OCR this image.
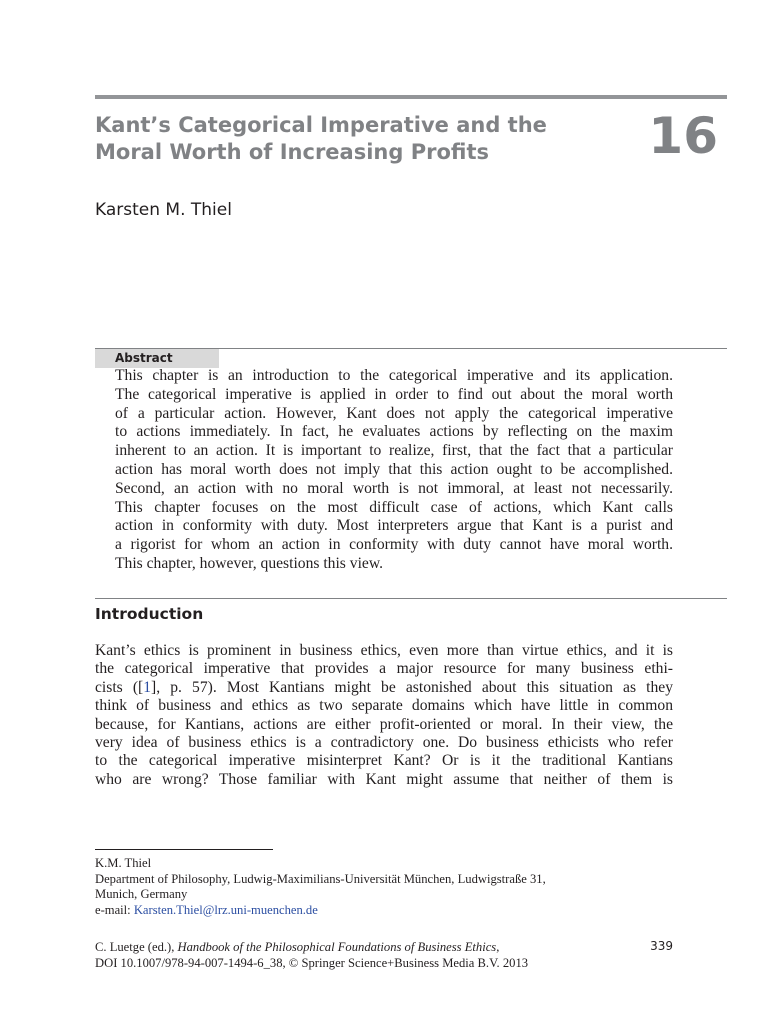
Kant’s Categorical Imperative and the
Moral Worth of Increasing Profits	16
Karsten M. Thiel
Abstract
This chapter is an introduction to the categorical imperative and its application.
The categorical imperative is applied in order to find out about the moral worth
of a particular action. However, Kant does not apply the categorical imperative
to actions immediately. In fact, he evaluates actions by reflecting on the maxim
inherent to an action. It is important to realize, first, that the fact that a particular
action has moral worth does not imply that this action ought to be accomplished.
Second, an action with no moral worth is not immoral, at least not necessarily.
This chapter focuses on the most difficult case of actions, which Kant calls
action in conformity with duty. Most interpreters argue that Kant is a purist and
a rigorist for whom an action in conformity with duty cannot have moral worth.
This chapter, however, questions this view.
Introduction
Kant’s ethics is prominent in business ethics, even more than virtue ethics, and it is
the categorical imperative that provides a major resource for many business ethi-
cists ([1], p. 57). Most Kantians might be astonished about this situation as they
think of business and ethics as two separate domains which have little in common
because, for Kantians, actions are either profit-oriented or moral. In their view, the
very idea of business ethics is a contradictory one. Do business ethicists who refer
to the categorical imperative misinterpret Kant? Or is it the traditional Kantians
who are wrong? Those familiar with Kant might assume that neither of them is
K.M. Thiel
Department of Philosophy, Ludwig-Maximilians-Universität München, Ludwigstraße 31,
Munich, Germany
e-mail: Karsten.Thiel@lrz.uni-muenchen.de
C. Luetge (ed.), Handbook of the Philosophical Foundations of Business Ethics,
DOI 10.1007/978-94-007-1494-6_38, © Springer Science+Business Media B.V. 2013
339
